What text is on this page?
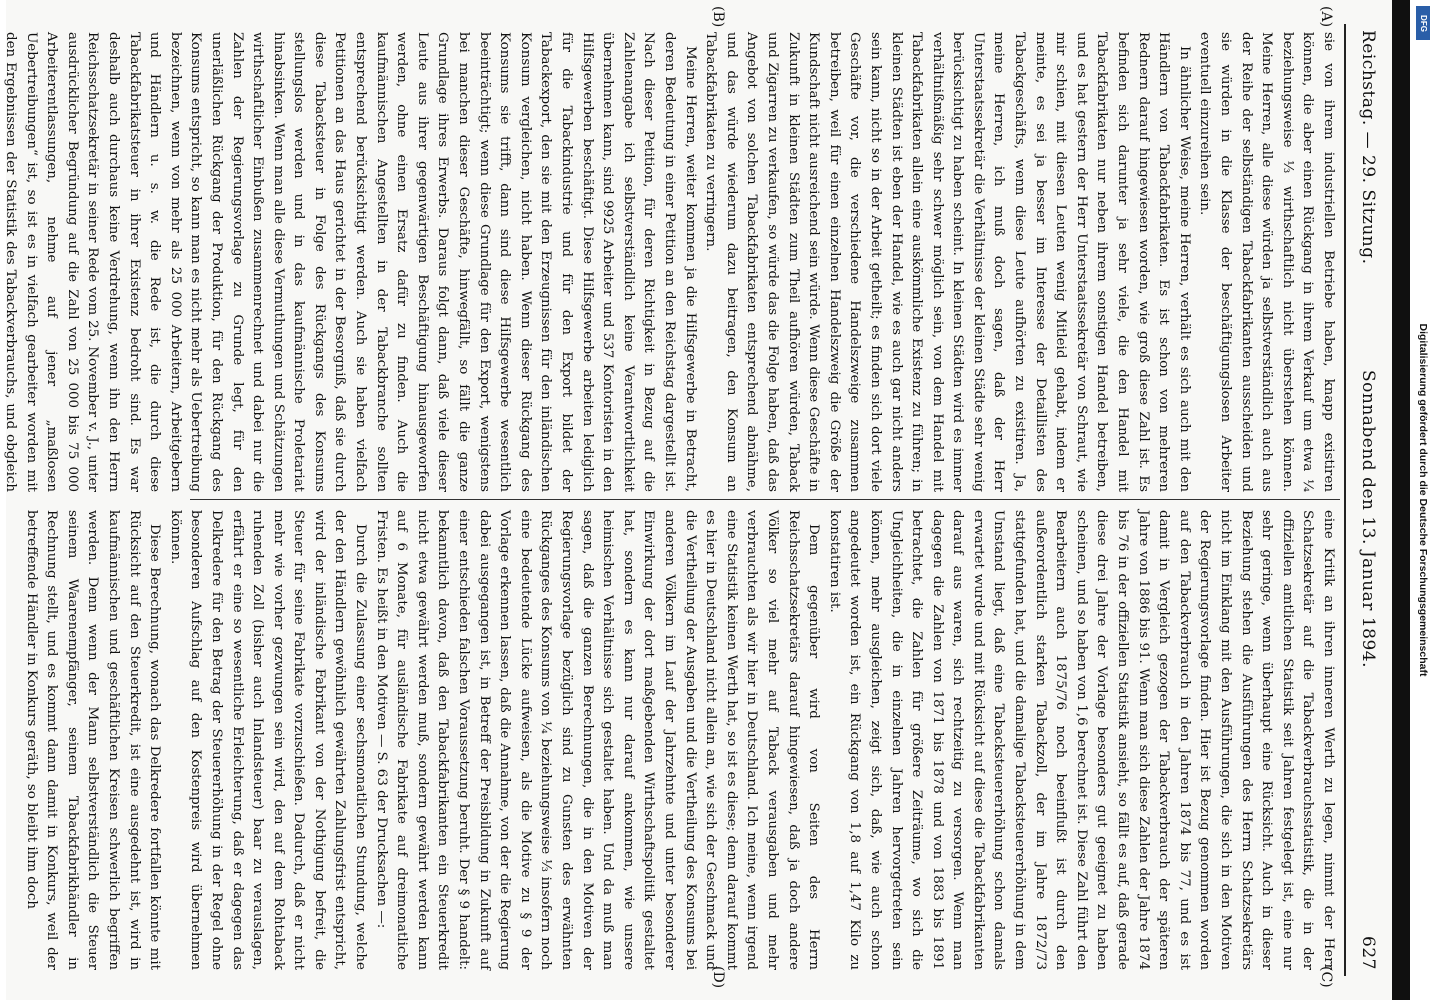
Reichstag. — 29. Sitzung.
Sonnabend den 13. Januar 1894.
627
(A)
(B)
(C)
(D)

sie von ihrem industriellen Betriebe haben, knapp existiren können, die aber einen Rückgang in ihrem Verkauf um etwa ¼ beziehungsweise ⅓ wirthschaftlich nicht überstehen können. Meine Herren, alle diese würden ja selbstverständlich auch aus der Reihe der selbständigen Tabackfabrikanten ausscheiden und sie würden in die Klasse der beschäftigungslosen Arbeiter eventuell einzureihen sein.

In ähnlicher Weise, meine Herren, verhält es sich auch mit den Händlern von Tabackfabrikaten. Es ist schon von mehreren Rednern darauf hingewiesen worden, wie groß diese Zahl ist. Es befinden sich darunter ja sehr viele, die den Handel mit Tabackfabrikaten nur neben ihrem sonstigen Handel betreiben, und es hat gestern der Herr Unterstaatssekretär von Schraut, wie mir schien, mit diesen Leuten wenig Mitleid gehabt, indem er meinte, es sei ja besser im Interesse der Detaillisten des Tabackgeschäfts, wenn diese Leute aufhörten zu existiren. Ja, meine Herren, ich muß doch sagen, daß der Herr Unterstaatssekretär die Verhältnisse der kleinen Städte sehr wenig berücksichtigt zu haben scheint. In kleinen Städten wird es immer verhältnißmäßig sehr schwer möglich sein, von dem Handel mit Tabackfabrikaten allein eine auskömmliche Existenz zu führen; in kleinen Städten ist eben der Handel, wie es auch gar nicht anders sein kann, nicht so in der Arbeit getheilt; es finden sich dort viele Geschäfte vor, die verschiedene Handelszweige zusammen betreiben, weil für einen einzelnen Handelszweig die Größe der Kundschaft nicht ausreichend sein würde. Wenn diese Geschäfte in Zukunft in kleinen Städten zum Theil aufhören würden, Taback und Zigarren zu verkaufen, so würde das die Folge haben, daß das Angebot von solchen Tabackfabrikaten entsprechend abnähme, und das würde wiederum dazu beitragen, den Konsum an Tabackfabrikaten zu verringern.

Meine Herren, weiter kommen ja die Hilfsgewerbe in Betracht, deren Bedeutung in einer Petition an den Reichstag dargestellt ist. Nach dieser Petition, für deren Richtigkeit in Bezug auf die Zahlenangabe ich selbstverständlich keine Verantwortlichkeit übernehmen kann, sind 9925 Arbeiter und 537 Kontoristen in den Hilfsgewerben beschäftigt. Diese Hilfsgewerbe arbeiten lediglich für die Tabackindustrie und für den Export bildet der Tabackexport, den sie mit den Erzeugnissen für den inländischen Konsum vergleichen, nicht haben. Wenn dieser Rückgang des Konsums sie trifft, dann sind diese Hilfsgewerbe wesentlich beeinträchtigt; wenn diese Grundlage für den Export, wenigstens bei manchen dieser Geschäfte, hinwegfällt, so fällt die ganze Grundlage ihres Erwerbs. Daraus folgt dann, daß viele dieser Leute aus ihrer gegenwärtigen Beschäftigung hinausgeworfen werden, ohne einen Ersatz dafür zu finden. Auch die kaufmännischen Angestellten in der Tabackbranche sollten entsprechend berücksichtigt werden. Auch sie haben vielfach Petitionen an das Haus gerichtet in der Besorgniß, daß sie durch diese Tabacksteuer in Folge des Rückgangs des Konsums stellungslos werden und in das kaufmännische Proletariat hinabsinken. Wenn man alle diese Vermuthungen und Schätzungen wirthschaftlicher Einbußen zusammenrechnet und dabei nur die Zahlen der Regierungsvorlage zu Grunde legt, für den unerläßlichen Rückgang der Produktion, für den Rückgang des Konsums entspricht, so kann man es nicht mehr als Uebertreibung bezeichnen, wenn von mehr als 25 000 Arbeitern, Arbeitgebern und Händlern u. s. w. die Rede ist, die durch diese Tabackfabrikatsteuer in ihrer Existenz bedroht sind. Es war deshalb auch durchaus keine Verdrehung, wenn ihn den Herrn Reichsschatzsekretär in seiner Rede vom 25. November v. J., unter ausdrücklicher Begründung auf die Zahl von 25 000 bis 75 000 Arbeiterentlassungen, nehme auf jener „maßlosen Uebertreibungen“ ist, so ist es in vielfach gearbeiter worden mit den Ergebnissen der Statistik des Tabackverbrauchs, und obgleich

eine Kritik an ihren inneren Werth zu legen, nimmt der Herr Schatzsekretär auf die Tabackverbrauchsstatistik, die in der offiziellen amtlichen Statistik seit Jahren festgelegt ist, eine nur sehr geringe, wenn überhaupt eine Rücksicht. Auch in dieser Beziehung stehen die Ausführungen des Herrn Schatzsekretärs nicht im Einklang mit den Ausführungen, die sich in den Motiven der Regierungsvorlage finden. Hier ist Bezug genommen worden auf den Tabackverbrauch in den Jahren 1874 bis 77, und es ist damit in Vergleich gezogen der Tabackverbrauch der späteren Jahre von 1886 bis 91. Wenn man sich diese Zahlen der Jahre 1874 bis 76 in der offiziellen Statistik ansieht, so fällt es auf, daß gerade diese drei Jahre der Vorlage besonders gut geeignet zu haben scheinen, und so haben von 1,6 berechnet ist. Diese Zahl führt den Bearbeitern auch 1875/76 noch beeinflußt ist durch den außerordentlich starken Tabackzoll, der im Jahre 1872/73 stattgefunden hat, und die damalige Tabacksteuererhöhung in dem Umstand liegt, daß eine Tabacksteuererhöhung schon damals erwartet wurde und mit Rücksicht auf diese die Tabackfabrikanten darauf aus waren, sich rechtzeitig zu versorgen. Wenn man dagegen die Zahlen von 1871 bis 1878 und von 1883 bis 1891 betrachtet, die Zahlen für größere Zeiträume, wo sich die Ungleichheiten, die in einzelnen Jahren hervorgetreten sein können, mehr ausgleichen, zeigt sich, daß, wie auch schon angedeutet worden ist, ein Rückgang von 1,8 auf 1,47 Kilo zu konstatiren ist.

Dem gegenüber wird von Seiten des Herrn Reichsschatzsekretärs darauf hingewiesen, daß ja doch andere Völker so viel mehr auf Taback verausgaben und mehr verbrauchten als wir hier in Deutschland. Ich meine, wenn irgend eine Statistik keinen Werth hat, so ist es diese; denn darauf kommt es hier in Deutschland nicht allein an, wie sich der Geschmack und die Vertheilung der Ausgaben und die Vertheilung des Konsums bei anderen Völkern im Lauf der Jahrzehnte und unter besonderer Einwirkung der dort maßgebenden Wirthschaftspolitik gestaltet hat, sondern es kann nur darauf ankommen, wie unsere heimischen Verhältnisse sich gestaltet haben. Und da muß man sagen, daß die ganzen Berechnungen, die in den Motiven der Regierungsvorlage bezüglich sind zu Gunsten des erwähnten Rückganges des Konsums von ¼ beziehungsweise ⅓ insofern noch eine bedeutende Lücke aufweisen, als die Motive zu § 9 der Vorlage erkennen lassen, daß die Annahme, von der die Regierung dabei ausgegangen ist, in Betreff der Preisbildung in Zukunft auf einer entschieden falschen Voraussetzung beruht. Der § 9 handelt: bekanntlich davon, daß den Tabackfabrikanten ein Steuerkredit nicht etwa gewährt werden muß, sondern gewährt werden kann auf 6 Monate, für ausländische Fabrikate auf dreimonatliche Fristen. Es heißt in den Motiven — S. 63 der Drucksachen —:

Durch die Zulassung einer sechsmonatlichen Stundung, welche der den Händlern gewöhnlich gewährten Zahlungsfrist entspricht, wird der inländische Fabrikant von der Nothigung befreit, die Steuer für seine Fabrikate vorzuschießen. Dadurch, daß er nicht mehr wie vorher gezwungen sein wird, den auf dem Rohtaback ruhenden Zoll (bisher auch Inlandsteuer) baar zu verauslagen, erfährt er eine so wesentliche Erleichterung, daß er dagegen das Delkredere für den Betrag der Steuererhöhung in der Regel ohne besonderen Aufschlag auf den Kostenpreis wird übernehmen können.

Diese Berechnung, wonach das Delkredere fortfallen könnte mit Rücksicht auf den Steuerkredit, ist eine ausgedehnt ist, wird in kaufmännischen und geschäftlichen Kreisen schwerlich begriffen werden. Denn wenn der Mann selbstverständlich die Steuer seinem Waarenempfänger, seinem Tabackfabrikhändler in Rechnung stellt, und es kommt dann damit in Konkurs, weil der betreffende Händler in Konkurs geräth, so bleibt ihm doch

Digitalisierung gefördert durch die Deutsche Forschungsgemeinschaft
DFG
